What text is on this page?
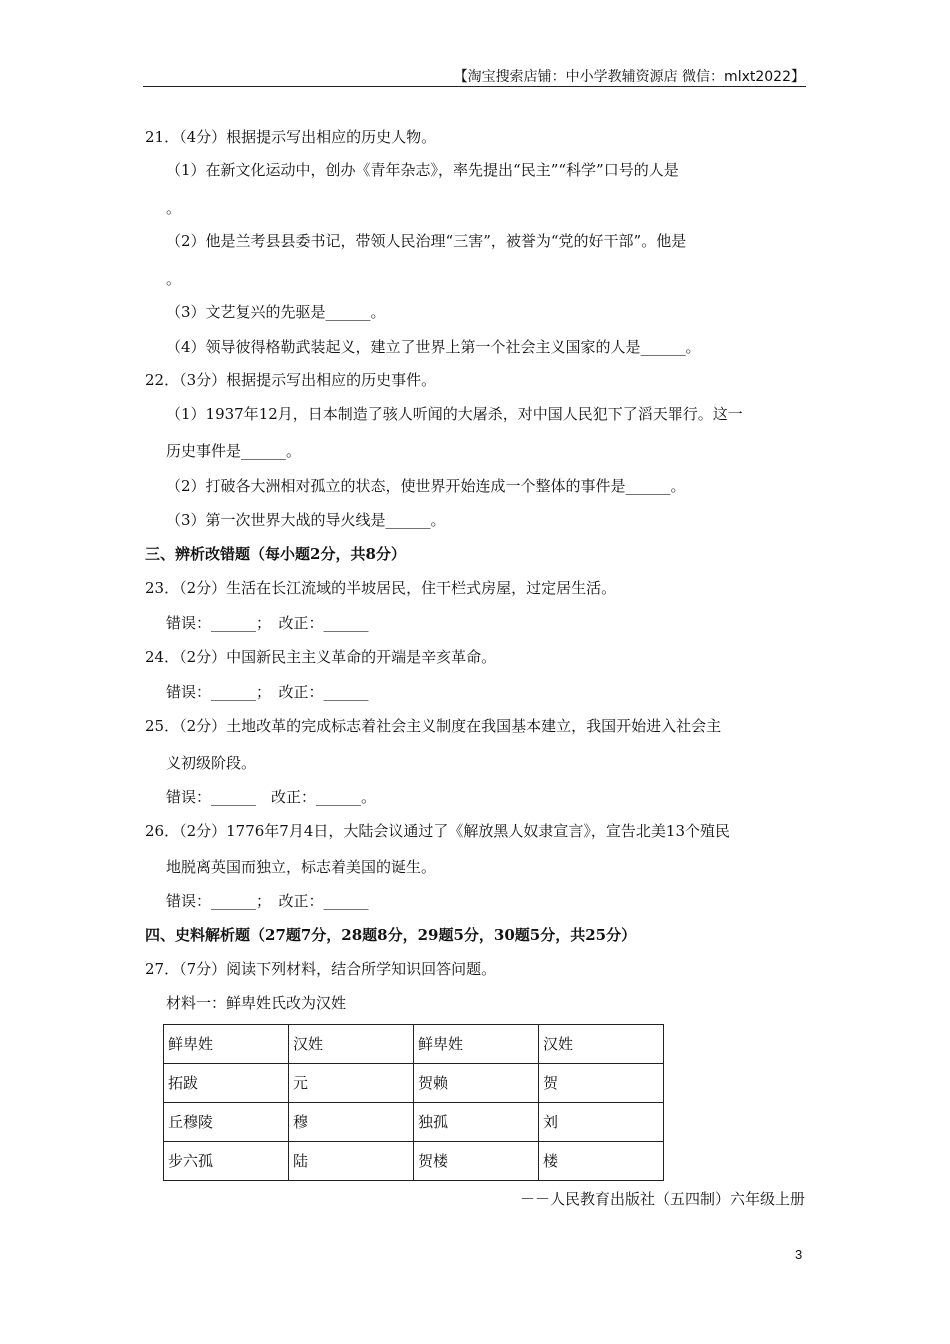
【淘宝搜索店铺：中小学教辅资源店 微信：mlxt2022】
21．（4分）根据提示写出相应的历史人物。
（1）在新文化运动中，创办《青年杂志》，率先提出“民主”“科学”口号的人是
。
（2）他是兰考县县委书记，带领人民治理“三害”，被誉为“党的好干部”。他是
。
（3）文艺复兴的先驱是______。
（4）领导彼得格勒武装起义，建立了世界上第一个社会主义国家的人是______。
22．（3分）根据提示写出相应的历史事件。
（1）1937年12月，日本制造了骇人听闻的大屠杀，对中国人民犯下了滔天罪行。这一
历史事件是______。
（2）打破各大洲相对孤立的状态，使世界开始连成一个整体的事件是______。
（3）第一次世界大战的导火线是______。
三、辨析改错题（每小题2分，共8分）
23．（2分）生活在长江流域的半坡居民，住干栏式房屋，过定居生活。
错误：______；　改正：______
24．（2分）中国新民主主义革命的开端是辛亥革命。
错误：______；　改正：______
25．（2分）土地改革的完成标志着社会主义制度在我国基本建立，我国开始进入社会主
义初级阶段。
错误：______　改正：______。
26．（2分）1776年7月4日，大陆会议通过了《解放黑人奴隶宣言》，宣告北美13个殖民
地脱离英国而独立，标志着美国的诞生。
错误：______；　改正：______
四、史料解析题（27题7分，28题8分，29题5分，30题5分，共25分）
27．（7分）阅读下列材料，结合所学知识回答问题。
材料一：鲜卑姓氏改为汉姓
鲜卑姓	汉姓	鲜卑姓	汉姓
拓跋	元	贺赖	贺
丘穆陵	穆	独孤	刘
步六孤	陆	贺楼	楼
－－人民教育出版社（五四制）六年级上册
3
